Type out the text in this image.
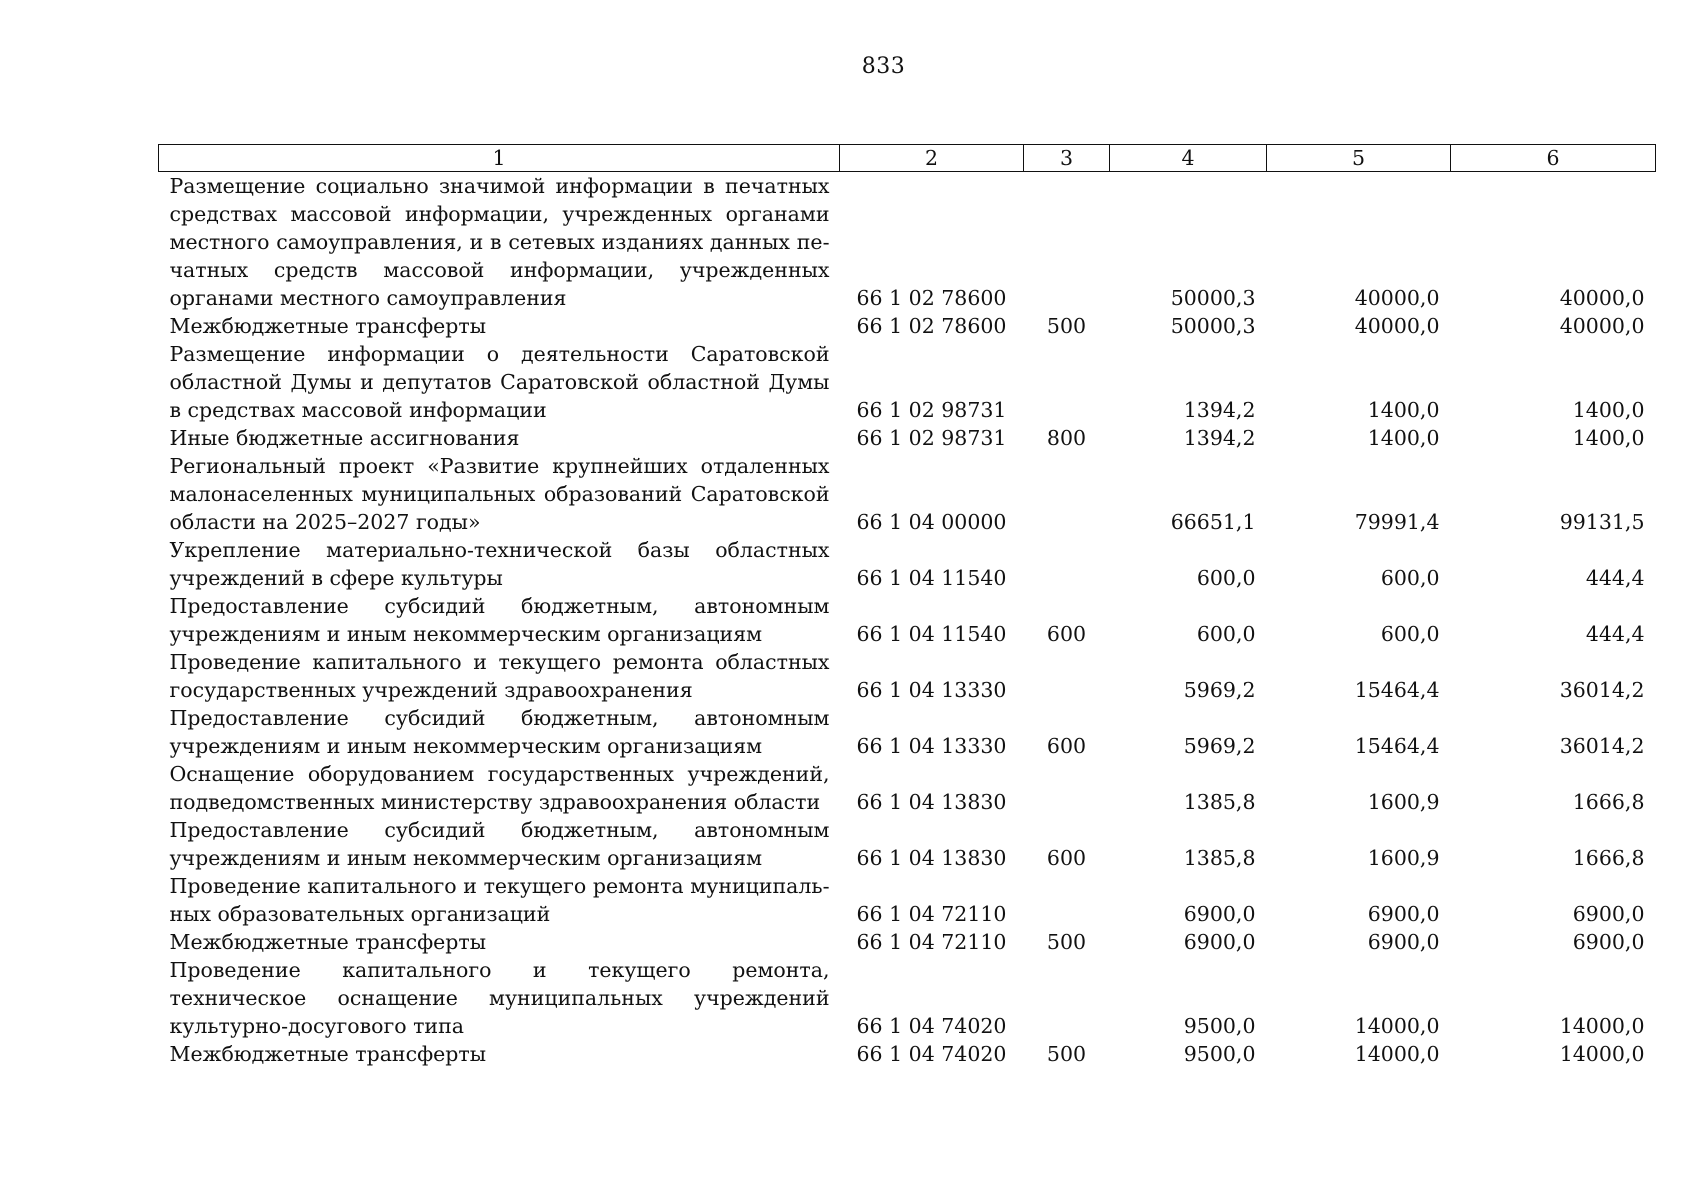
833
1	2	3	4	5	6
Размещение социально значимой информации в печатных средствах массовой информации, учрежденных органами местного самоуправления, и в сетевых изданиях данных печатных средств массовой информации, учрежденных органами местного самоуправления	66 1 02 78600		50000,3	40000,0	40000,0
Межбюджетные трансферты	66 1 02 78600	500	50000,3	40000,0	40000,0
Размещение информации о деятельности Саратовской областной Думы и депутатов Саратовской областной Думы в средствах массовой информации	66 1 02 98731		1394,2	1400,0	1400,0
Иные бюджетные ассигнования	66 1 02 98731	800	1394,2	1400,0	1400,0
Региональный проект «Развитие крупнейших отдаленных малонаселенных муниципальных образований Саратовской области на 2025–2027 годы»	66 1 04 00000		66651,1	79991,4	99131,5
Укрепление материально-технической базы областных учреждений в сфере культуры	66 1 04 11540		600,0	600,0	444,4
Предоставление субсидий бюджетным, автономным учреждениям и иным некоммерческим организациям	66 1 04 11540	600	600,0	600,0	444,4
Проведение капитального и текущего ремонта областных государственных учреждений здравоохранения	66 1 04 13330		5969,2	15464,4	36014,2
Предоставление субсидий бюджетным, автономным учреждениям и иным некоммерческим организациям	66 1 04 13330	600	5969,2	15464,4	36014,2
Оснащение оборудованием государственных учреждений, подведомственных министерству здравоохранения области	66 1 04 13830		1385,8	1600,9	1666,8
Предоставление субсидий бюджетным, автономным учреждениям и иным некоммерческим организациям	66 1 04 13830	600	1385,8	1600,9	1666,8
Проведение капитального и текущего ремонта муниципальных образовательных организаций	66 1 04 72110		6900,0	6900,0	6900,0
Межбюджетные трансферты	66 1 04 72110	500	6900,0	6900,0	6900,0
Проведение капитального и текущего ремонта, техническое оснащение муниципальных учреждений культурно-досугового типа	66 1 04 74020		9500,0	14000,0	14000,0
Межбюджетные трансферты	66 1 04 74020	500	9500,0	14000,0	14000,0
